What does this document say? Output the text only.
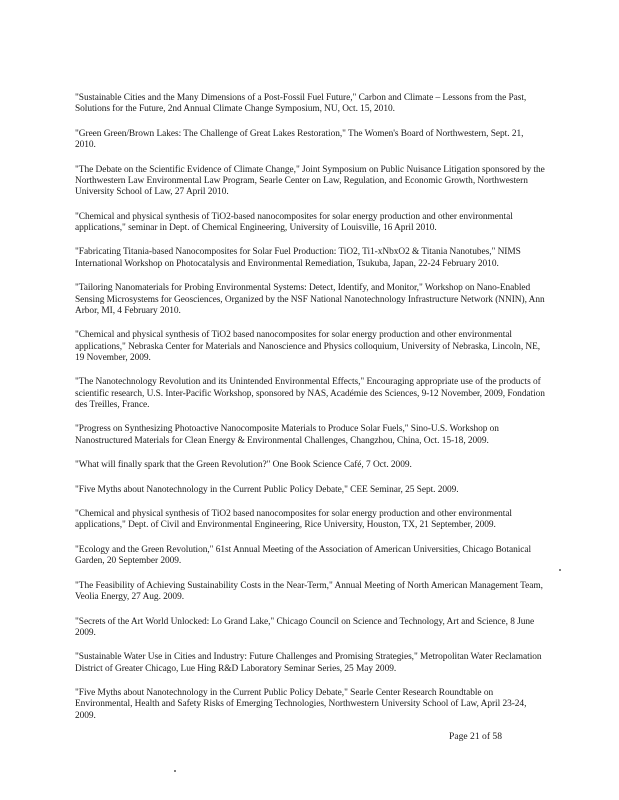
"Sustainable Cities and the Many Dimensions of a Post-Fossil Fuel Future," Carbon and Climate – Lessons from the Past, Solutions for the Future, 2nd Annual Climate Change Symposium, NU, Oct. 15, 2010.

"Green Green/Brown Lakes: The Challenge of Great Lakes Restoration," The Women's Board of Northwestern, Sept. 21, 2010.

"The Debate on the Scientific Evidence of Climate Change," Joint Symposium on Public Nuisance Litigation sponsored by the Northwestern Law Environmental Law Program, Searle Center on Law, Regulation, and Economic Growth, Northwestern University School of Law, 27 April 2010.

"Chemical and physical synthesis of TiO2-based nanocomposites for solar energy production and other environmental applications," seminar in Dept. of Chemical Engineering, University of Louisville, 16 April 2010.

"Fabricating Titania-based Nanocomposites for Solar Fuel Production: TiO2, Ti1-xNbxO2 & Titania Nanotubes," NIMS International Workshop on Photocatalysis and Environmental Remediation, Tsukuba, Japan, 22-24 February 2010.

"Tailoring Nanomaterials for Probing Environmental Systems: Detect, Identify, and Monitor," Workshop on Nano-Enabled Sensing Microsystems for Geosciences, Organized by the NSF National Nanotechnology Infrastructure Network (NNIN), Ann Arbor, MI, 4 February 2010.

"Chemical and physical synthesis of TiO2 based nanocomposites for solar energy production and other environmental applications," Nebraska Center for Materials and Nanoscience and Physics colloquium, University of Nebraska, Lincoln, NE, 19 November, 2009.

"The Nanotechnology Revolution and its Unintended Environmental Effects," Encouraging appropriate use of the products of scientific research, U.S. Inter-Pacific Workshop, sponsored by NAS, Académie des Sciences, 9-12 November, 2009, Fondation des Treilles, France.

"Progress on Synthesizing Photoactive Nanocomposite Materials to Produce Solar Fuels," Sino-U.S. Workshop on Nanostructured Materials for Clean Energy & Environmental Challenges, Changzhou, China, Oct. 15-18, 2009.

"What will finally spark that the Green Revolution?" One Book Science Café, 7 Oct. 2009.

"Five Myths about Nanotechnology in the Current Public Policy Debate," CEE Seminar, 25 Sept. 2009.

"Chemical and physical synthesis of TiO2 based nanocomposites for solar energy production and other environmental applications," Dept. of Civil and Environmental Engineering, Rice University, Houston, TX, 21 September, 2009.

"Ecology and the Green Revolution," 61st Annual Meeting of the Association of American Universities, Chicago Botanical Garden, 20 September 2009.

"The Feasibility of Achieving Sustainability Costs in the Near-Term," Annual Meeting of North American Management Team, Veolia Energy, 27 Aug. 2009.

"Secrets of the Art World Unlocked: Lo Grand Lake," Chicago Council on Science and Technology, Art and Science, 8 June 2009.

"Sustainable Water Use in Cities and Industry: Future Challenges and Promising Strategies," Metropolitan Water Reclamation District of Greater Chicago, Lue Hing R&D Laboratory Seminar Series, 25 May 2009.

"Five Myths about Nanotechnology in the Current Public Policy Debate," Searle Center Research Roundtable on Environmental, Health and Safety Risks of Emerging Technologies, Northwestern University School of Law, April 23-24, 2009.

Page 21 of 58
